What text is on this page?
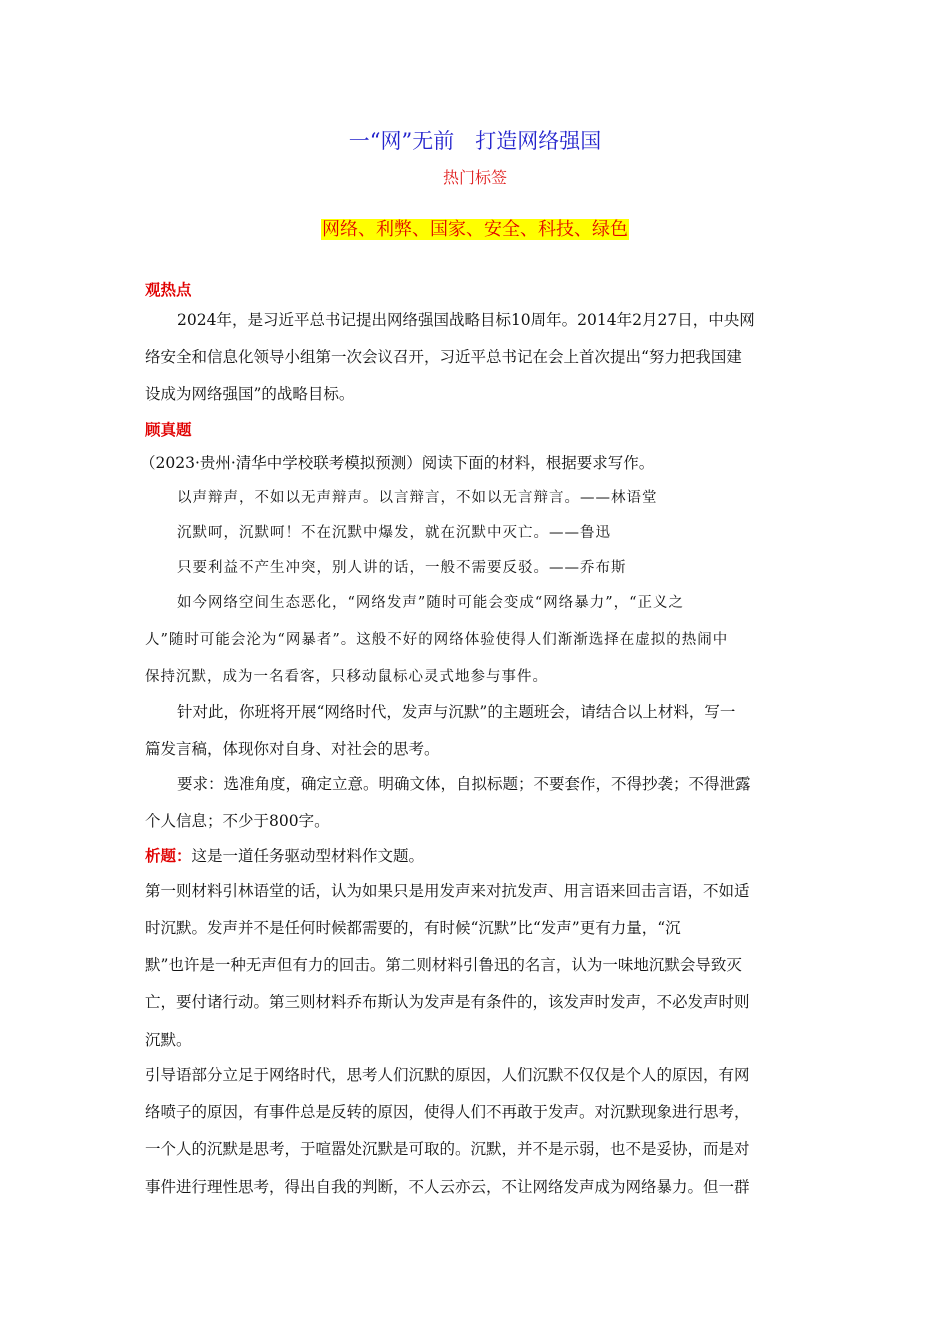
一“网”无前　打造网络强国
热门标签
网络、利弊、国家、安全、科技、绿色
观热点
2024年，是习近平总书记提出网络强国战略目标10周年。2014年2月27日，中央网
络安全和信息化领导小组第一次会议召开，习近平总书记在会上首次提出“努力把我国建
设成为网络强国”的战略目标。
顾真题
（2023·贵州·清华中学校联考模拟预测）阅读下面的材料，根据要求写作。
以声辩声，不如以无声辩声。以言辩言，不如以无言辩言。——林语堂
沉默呵，沉默呵！不在沉默中爆发，就在沉默中灭亡。——鲁迅
只要利益不产生冲突，别人讲的话，一般不需要反驳。——乔布斯
如今网络空间生态恶化，“网络发声”随时可能会变成“网络暴力”，“正义之
人”随时可能会沦为“网暴者”。这般不好的网络体验使得人们渐渐选择在虚拟的热闹中
保持沉默，成为一名看客，只移动鼠标心灵式地参与事件。
针对此，你班将开展“网络时代，发声与沉默”的主题班会，请结合以上材料，写一
篇发言稿，体现你对自身、对社会的思考。
要求：选准角度，确定立意。明确文体，自拟标题；不要套作，不得抄袭；不得泄露
个人信息；不少于800字。
析题：这是一道任务驱动型材料作文题。
第一则材料引林语堂的话，认为如果只是用发声来对抗发声、用言语来回击言语，不如适
时沉默。发声并不是任何时候都需要的，有时候“沉默”比“发声”更有力量，“沉
默”也许是一种无声但有力的回击。第二则材料引鲁迅的名言，认为一味地沉默会导致灭
亡，要付诸行动。第三则材料乔布斯认为发声是有条件的，该发声时发声，不必发声时则
沉默。
引导语部分立足于网络时代，思考人们沉默的原因，人们沉默不仅仅是个人的原因，有网
络喷子的原因，有事件总是反转的原因，使得人们不再敢于发声。对沉默现象进行思考，
一个人的沉默是思考，于喧嚣处沉默是可取的。沉默，并不是示弱，也不是妥协，而是对
事件进行理性思考，得出自我的判断，不人云亦云，不让网络发声成为网络暴力。但一群
